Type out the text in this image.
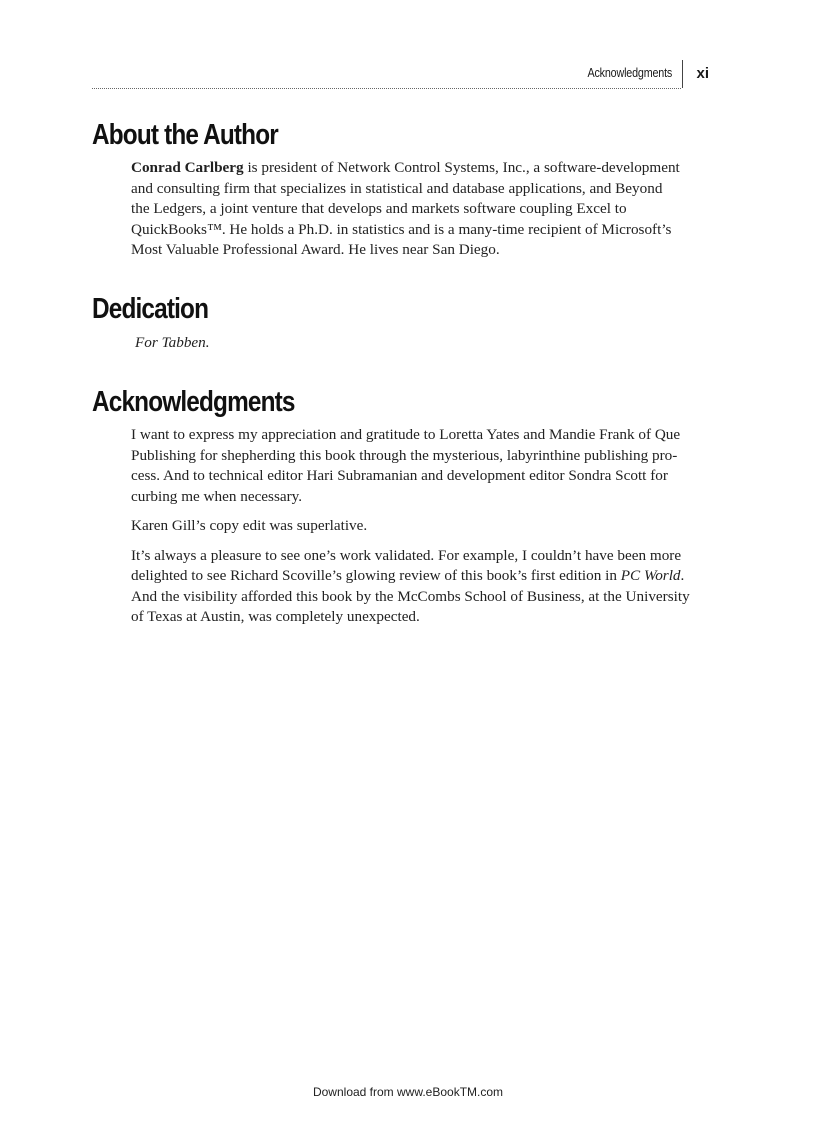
Acknowledgments	xi
About the Author
Conrad Carlberg is president of Network Control Systems, Inc., a software-development
and consulting firm that specializes in statistical and database applications, and Beyond
the Ledgers, a joint venture that develops and markets software coupling Excel to
QuickBooks™. He holds a Ph.D. in statistics and is a many-time recipient of Microsoft’s
Most Valuable Professional Award. He lives near San Diego.
Dedication
For Tabben.
Acknowledgments

I want to express my appreciation and gratitude to Loretta Yates and Mandie Frank of Que
Publishing for shepherding this book through the mysterious, labyrinthine publishing pro-
cess. And to technical editor Hari Subramanian and development editor Sondra Scott for
curbing me when necessary.

Karen Gill’s copy edit was superlative.

It’s always a pleasure to see one’s work validated. For example, I couldn’t have been more
delighted to see Richard Scoville’s glowing review of this book’s first edition in PC World.
And the visibility afforded this book by the McCombs School of Business, at the University
of Texas at Austin, was completely unexpected.

Download from www.eBookTM.com
